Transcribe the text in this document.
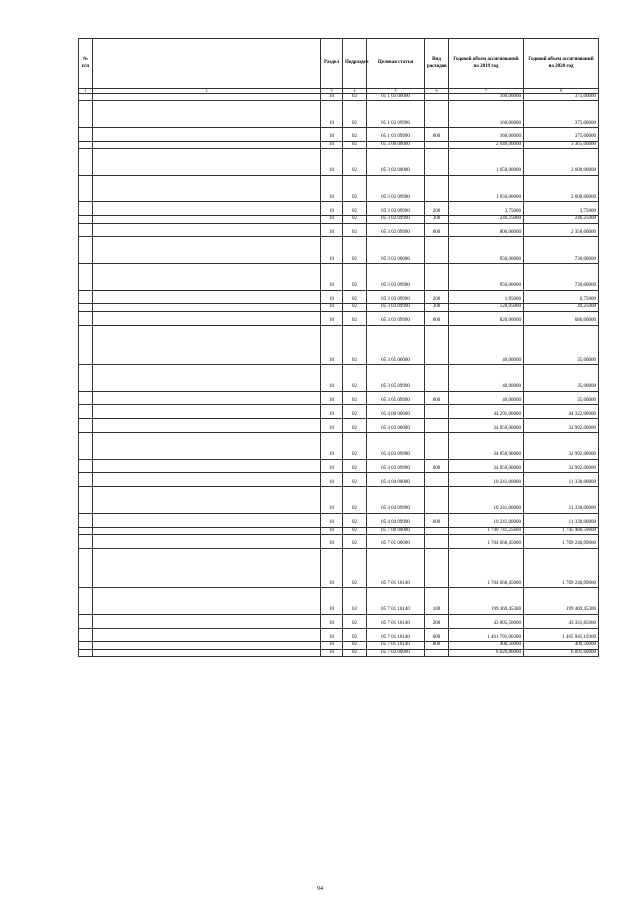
№ п/п		Раздел	Подраздел	Целевая статья	Вид расходов	Годовой объем ассигнований на 2019 год	Годовой объем ассигнований на 2020 год
1	2	3	4	5	6	7	8
		10	02	05 1 03 00000		160,00000	375,00000
		10	02	05 1 03 09990		160,00000	375,00000
		10	02	05 1 03 09990	600	160,00000	375,00000
		10	02	05 3 00 00000		2 040,00000	3 365,00000
		10	02	05 3 02 00000		1 050,00000	2 600,00000
		10	02	05 3 02 09990		1 050,00000	2 600,00000
		10	02	05 3 02 09990	200	3,75000	3,75000
		10	02	05 3 02 09990	300	246,25000	246,25000
		10	02	05 3 02 09990	600	800,00000	2 350,00000
		10	02	05 3 03 00000		950,00000	730,00000
		10	02	05 3 03 09990		950,00000	730,00000
		10	02	05 3 03 09990	200	1,95000	0,75000
		10	02	05 3 03 09990	300	128,05000	49,25000
		10	02	05 3 03 09990	600	820,00000	680,00000
		10	02	05 3 05 00000		40,00000	35,00000
		10	02	05 3 05 09990		40,00000	35,00000
		10	02	05 3 05 09990	600	40,00000	35,00000
		10	02	05 4 00 00000		44 291,00000	44 322,00000
		10	02	05 4 03 00000		34 050,00000	32 992,00000
		10	02	05 4 03 09990		34 050,00000	32 992,00000
		10	02	05 4 03 09990	600	34 050,00000	32 992,00000
		10	02	05 4 04 00000		10 241,00000	11 330,00000
		10	02	05 4 04 09990		10 241,00000	11 330,00000
		10	02	05 4 04 09990	600	10 241,00000	11 330,00000
		10	02	05 7 00 00000		1 740 741,25600	1 745 486,59600
		10	02	05 7 01 00000		1 704 666,45600	1 709 246,99600
		10	02	05 7 01 10140		1 704 666,45600	1 709 246,99600
		10	02	05 7 01 10140	100	199 469,45300	199 469,45300
		10	02	05 7 01 10140	200	43 005,50000	43 331,85000
		10	02	05 7 01 10140	600	1 461 791,00300	1 465 945,19300
		10	02	05 7 01 10140	800	400,50000	400,50000
		10	02	05 7 02 00000		6 626,80000	6 891,60000
94
